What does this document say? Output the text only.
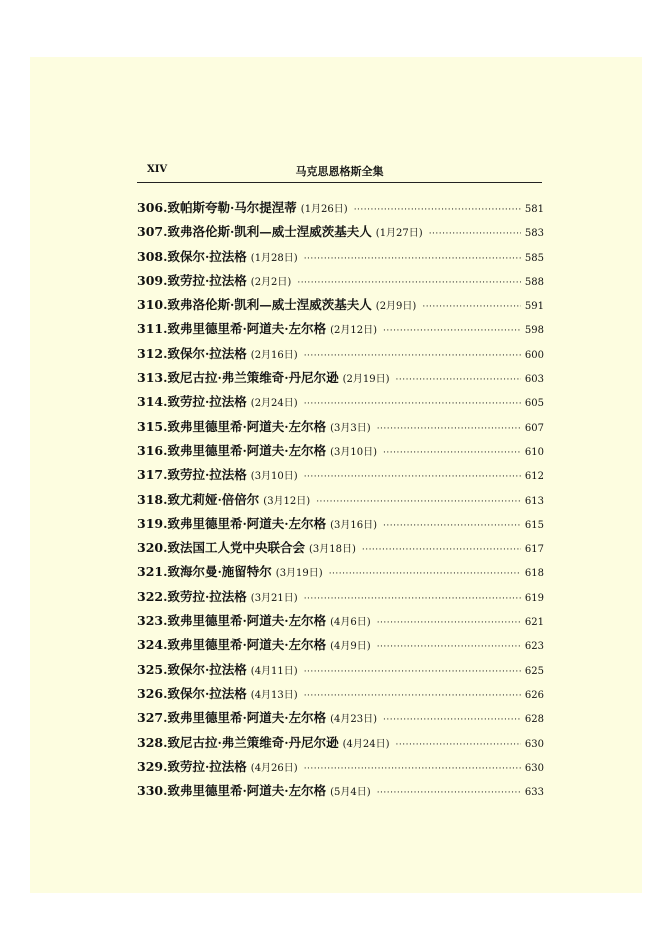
XIV	马克思恩格斯全集
306.致帕斯夸勒·马尔提涅蒂 (1月26日) ·····	581
307.致弗洛伦斯·凯利—威士涅威茨基夫人 (1月27日) ·····	583
308.致保尔·拉法格 (1月28日) ·····	585
309.致劳拉·拉法格 (2月2日) ·····	588
310.致弗洛伦斯·凯利—威士涅威茨基夫人 (2月9日) ·····	591
311.致弗里德里希·阿道夫·左尔格 (2月12日) ·····	598
312.致保尔·拉法格 (2月16日) ·····	600
313.致尼古拉·弗兰策维奇·丹尼尔逊 (2月19日) ·····	603
314.致劳拉·拉法格 (2月24日) ·····	605
315.致弗里德里希·阿道夫·左尔格 (3月3日) ·····	607
316.致弗里德里希·阿道夫·左尔格 (3月10日) ·····	610
317.致劳拉·拉法格 (3月10日) ·····	612
318.致尤莉娅·倍倍尔 (3月12日) ·····	613
319.致弗里德里希·阿道夫·左尔格 (3月16日) ·····	615
320.致法国工人党中央联合会 (3月18日) ·····	617
321.致海尔曼·施留特尔 (3月19日) ·····	618
322.致劳拉·拉法格 (3月21日) ·····	619
323.致弗里德里希·阿道夫·左尔格 (4月6日) ·····	621
324.致弗里德里希·阿道夫·左尔格 (4月9日) ·····	623
325.致保尔·拉法格 (4月11日) ·····	625
326.致保尔·拉法格 (4月13日) ·····	626
327.致弗里德里希·阿道夫·左尔格 (4月23日) ·····	628
328.致尼古拉·弗兰策维奇·丹尼尔逊 (4月24日) ·····	630
329.致劳拉·拉法格 (4月26日) ·····	630
330.致弗里德里希·阿道夫·左尔格 (5月4日) ·····	633
